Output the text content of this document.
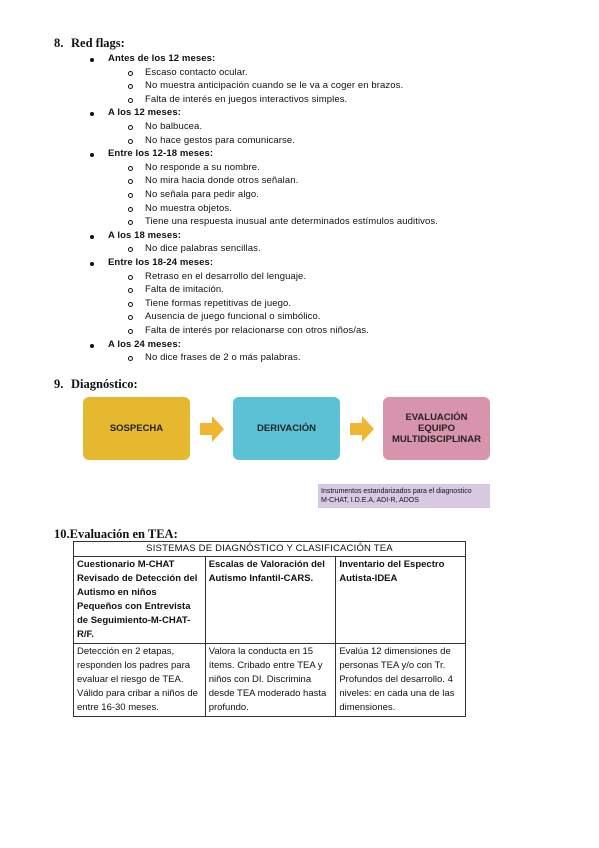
8. Red flags:
Antes de los 12 meses:
Escaso contacto ocular.
No muestra anticipación cuando se le va a coger en brazos.
Falta de interés en juegos interactivos simples.
A los 12 meses:
No balbucea.
No hace gestos para comunicarse.
Entre los 12-18 meses:
No responde a su nombre.
No mira hacia donde otros señalan.
No señala para pedir algo.
No muestra objetos.
Tiene una respuesta inusual ante determinados estímulos auditivos.
A los 18 meses:
No dice palabras sencillas.
Entre los 18-24 meses:
Retraso en el desarrollo del lenguaje.
Falta de imitación.
Tiene formas repetitivas de juego.
Ausencia de juego funcional o simbólico.
Falta de interés por relacionarse con otros niños/as.
A los 24 meses:
No dice frases de 2 o más palabras.
9. Diagnóstico:
SOSPECHA	DERIVACIÓN
EVALUACIÓN
EQUIPO
MULTIDISCIPLINAR
Instrumentos estandarizados para el diagnostico
M-CHAT, I.D.E.A, ADI-R, ADOS
10.Evaluación en TEA:
SISTEMAS DE DIAGNÓSTICO Y CLASIFICACIÓN TEA		
Cuestionario M-CHAT Revisado de Detección del Autismo en niños Pequeños con Entrevista de Seguimiento-M-CHAT-R/F.	Escalas de Valoración del Autismo Infantil-CARS.	Inventario del Espectro Autista-IDEA
Detección en 2 etapas, responden los padres para evaluar el riesgo de TEA. Válido para cribar a niños de entre 16-30 meses.	Valora la conducta en 15 ítems. Cribado entre TEA y niños con DI. Discrimina desde TEA moderado hasta profundo.	Evalúa 12 dimensiones de personas TEA y/o con Tr. Profundos del desarrollo. 4 niveles: en cada una de las dimensiones.
